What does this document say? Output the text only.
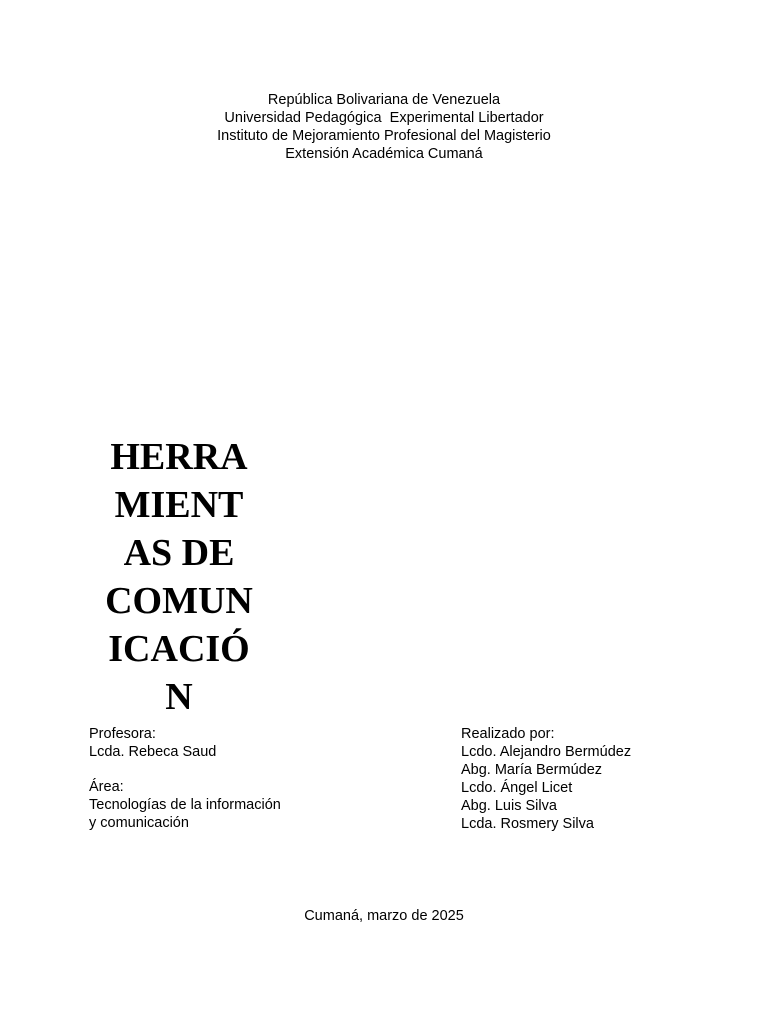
República Bolivariana de Venezuela
Universidad Pedagógica  Experimental Libertador
Instituto de Mejoramiento Profesional del Magisterio
Extensión Académica Cumaná
HERRA
MIENT
AS DE
COMUN
ICACIÓ
N
Profesora:
Lcda. Rebeca Saud
Área:
Tecnologías de la información
y comunicación
Realizado por:
Lcdo. Alejandro Bermúdez
Abg. María Bermúdez
Lcdo. Ángel Licet
Abg. Luis Silva
Lcda. Rosmery Silva
Cumaná, marzo de 2025
